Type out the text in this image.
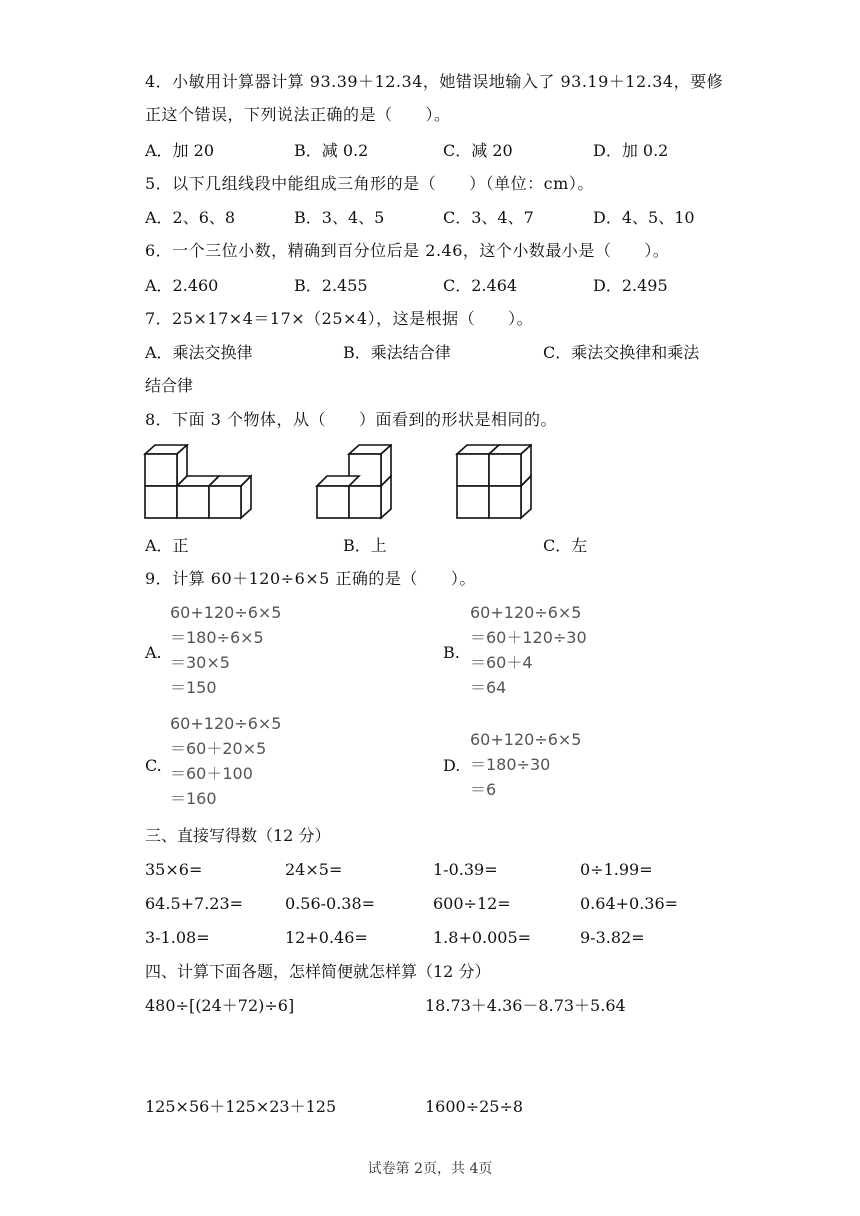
4．小敏用计算器计算 93.39＋12.34，她错误地输入了 93.19＋12.34，要修
正这个错误，下列说法正确的是（　　）。
A．加 20	B．减 0.2	C．减 20	D．加 0.2
5．以下几组线段中能组成三角形的是（　　）（单位：cm）。
A．2、6、8	B．3、4、5	C．3、4、7	D．4、5、10
6．一个三位小数，精确到百分位后是 2.46，这个小数最小是（　　）。
A．2.460	B．2.455	C．2.464	D．2.495
7．25×17×4＝17×（25×4），这是根据（　　）。
A．乘法交换律	B．乘法结合律	C．乘法交换律和乘法
结合律
8．下面 3 个物体，从（　　）面看到的形状是相同的。
A．正	B．上	C．左
9．计算 60＋120÷6×5 正确的是（　　）。
A.
60+120÷6×5
＝180÷6×5
＝30×5
＝150
B.
60+120÷6×5
＝60＋120÷30
＝60＋4
＝64
C.
60+120÷6×5
＝60＋20×5
＝60＋100
＝160
D.
60+120÷6×5
＝180÷30
＝6
三、直接写得数（12 分）
35×6=	24×5=	1-0.39=	0÷1.99=
64.5+7.23=	0.56-0.38=	600÷12=	0.64+0.36=
3-1.08=	12+0.46=	1.8+0.005=	9-3.82=
四、计算下面各题，怎样简便就怎样算（12 分）
480÷[(24＋72)÷6]	18.73＋4.36－8.73＋5.64
125×56＋125×23＋125	1600÷25÷8
试卷第 2页，共 4页
